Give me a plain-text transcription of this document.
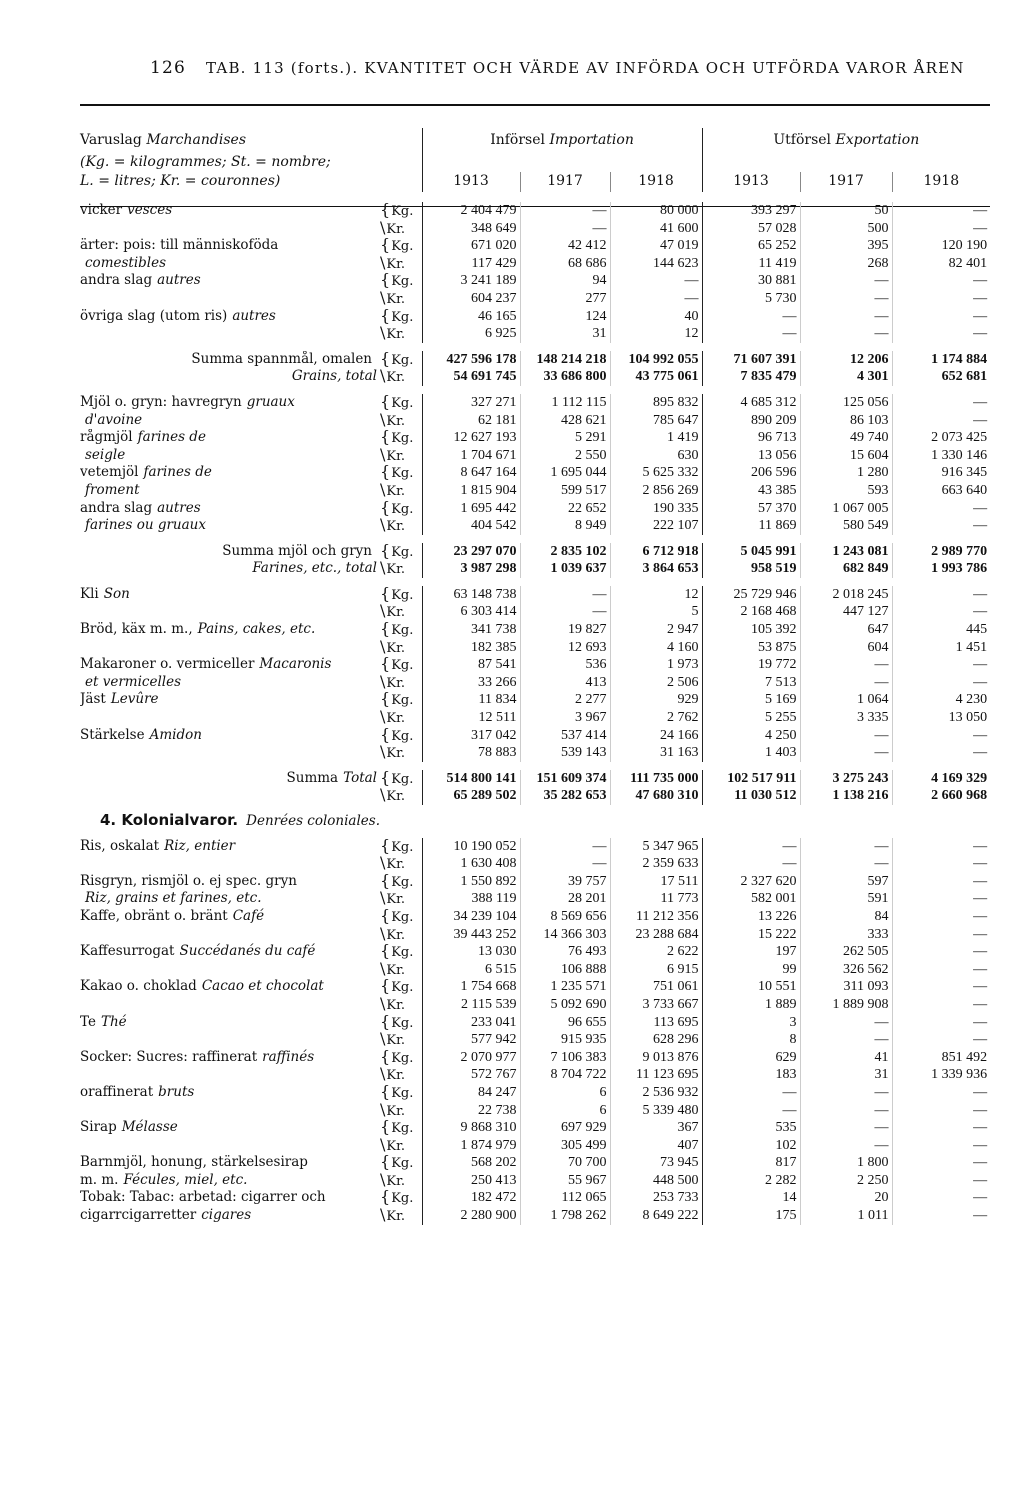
126 TAB. 113 (forts.). KVANTITET OCH VÄRDE AV INFÖRDA OCH UTFÖRDA VAROR ÅREN
Varuslag Marchandises		Införsel Importation			Utförsel Exportation		
(Kg. = kilogrammes; St. = nombre;							
L. = litres; Kr. = couronnes)		1913	1917	1918	1913	1917	1918

vicker vesces	{Kg.	2 404 479	—	80 000	393 297	50	—
	\Kr.	348 649	—	41 600	57 028	500	—
ärter: pois: till människoföda	{Kg.	671 020	42 412	47 019	65 252	395	120 190
comestibles	\Kr.	117 429	68 686	144 623	11 419	268	82 401
andra slag autres	{Kg.	3 241 189	94	—	30 881	—	—
	\Kr.	604 237	277	—	5 730	—	—
övriga slag (utom ris) autres	{Kg.	46 165	124	40	—	—	—
	\Kr.	6 925	31	12	—	—	—

Summa spannmål, omalen	{Kg.	427 596 178	148 214 218	104 992 055	71 607 391	12 206	1 174 884
Grains, total	\Kr.	54 691 745	33 686 800	43 775 061	7 835 479	4 301	652 681

Mjöl o. gryn: havregryn gruaux	{Kg.	327 271	1 112 115	895 832	4 685 312	125 056	—
d'avoine	\Kr.	62 181	428 621	785 647	890 209	86 103	—
rågmjöl farines de	{Kg.	12 627 193	5 291	1 419	96 713	49 740	2 073 425
seigle	\Kr.	1 704 671	2 550	630	13 056	15 604	1 330 146
vetemjöl farines de	{Kg.	8 647 164	1 695 044	5 625 332	206 596	1 280	916 345
froment	\Kr.	1 815 904	599 517	2 856 269	43 385	593	663 640
andra slag autres	{Kg.	1 695 442	22 652	190 335	57 370	1 067 005	—
farines ou gruaux	\Kr.	404 542	8 949	222 107	11 869	580 549	—

Summa mjöl och gryn	{Kg.	23 297 070	2 835 102	6 712 918	5 045 991	1 243 081	2 989 770
Farines, etc., total	\Kr.	3 987 298	1 039 637	3 864 653	958 519	682 849	1 993 786

Kli Son	{Kg.	63 148 738	—	12	25 729 946	2 018 245	—
	\Kr.	6 303 414	—	5	2 168 468	447 127	—
Bröd, käx m. m., Pains, cakes, etc.	{Kg.	341 738	19 827	2 947	105 392	647	445
	\Kr.	182 385	12 693	4 160	53 875	604	1 451
Makaroner o. vermiceller Macaronis	{Kg.	87 541	536	1 973	19 772	—	—
et vermicelles	\Kr.	33 266	413	2 506	7 513	—	—
Jäst Levûre	{Kg.	11 834	2 277	929	5 169	1 064	4 230
	\Kr.	12 511	3 967	2 762	5 255	3 335	13 050
Stärkelse Amidon	{Kg.	317 042	537 414	24 166	4 250	—	—
	\Kr.	78 883	539 143	31 163	1 403	—	—

Summa Total	{Kg.	514 800 141	151 609 374	111 735 000	102 517 911	3 275 243	4 169 329
	\Kr.	65 289 502	35 282 653	47 680 310	11 030 512	1 138 216	2 660 968

4. Kolonialvaror. Denrées coloniales.							

Ris, oskalat Riz, entier	{Kg.	10 190 052	—	5 347 965	—	—	—
	\Kr.	1 630 408	—	2 359 633	—	—	—
Risgryn, rismjöl o. ej spec. gryn	{Kg.	1 550 892	39 757	17 511	2 327 620	597	—
Riz, grains et farines, etc.	\Kr.	388 119	28 201	11 773	582 001	591	—
Kaffe, obränt o. bränt Café	{Kg.	34 239 104	8 569 656	11 212 356	13 226	84	—
	\Kr.	39 443 252	14 366 303	23 288 684	15 222	333	—
Kaffesurrogat Succédanés du café	{Kg.	13 030	76 493	2 622	197	262 505	—
	\Kr.	6 515	106 888	6 915	99	326 562	—
Kakao o. choklad Cacao et chocolat	{Kg.	1 754 668	1 235 571	751 061	10 551	311 093	—
	\Kr.	2 115 539	5 092 690	3 733 667	1 889	1 889 908	—
Te Thé	{Kg.	233 041	96 655	113 695	3	—	—
	\Kr.	577 942	915 935	628 296	8	—	—
Socker: Sucres: raffinerat raffinés	{Kg.	2 070 977	7 106 383	9 013 876	629	41	851 492
	\Kr.	572 767	8 704 722	11 123 695	183	31	1 339 936
oraffinerat bruts	{Kg.	84 247	6	2 536 932	—	—	—
	\Kr.	22 738	6	5 339 480	—	—	—
Sirap Mélasse	{Kg.	9 868 310	697 929	367	535	—	—
	\Kr.	1 874 979	305 499	407	102	—	—
Barnmjöl, honung, stärkelsesirap	{Kg.	568 202	70 700	73 945	817	1 800	—
m. m. Fécules, miel, etc.	\Kr.	250 413	55 967	448 500	2 282	2 250	—
Tobak: Tabac: arbetad: cigarrer och	{Kg.	182 472	112 065	253 733	14	20	—
cigarrcigarretter cigares	\Kr.	2 280 900	1 798 262	8 649 222	175	1 011	—
